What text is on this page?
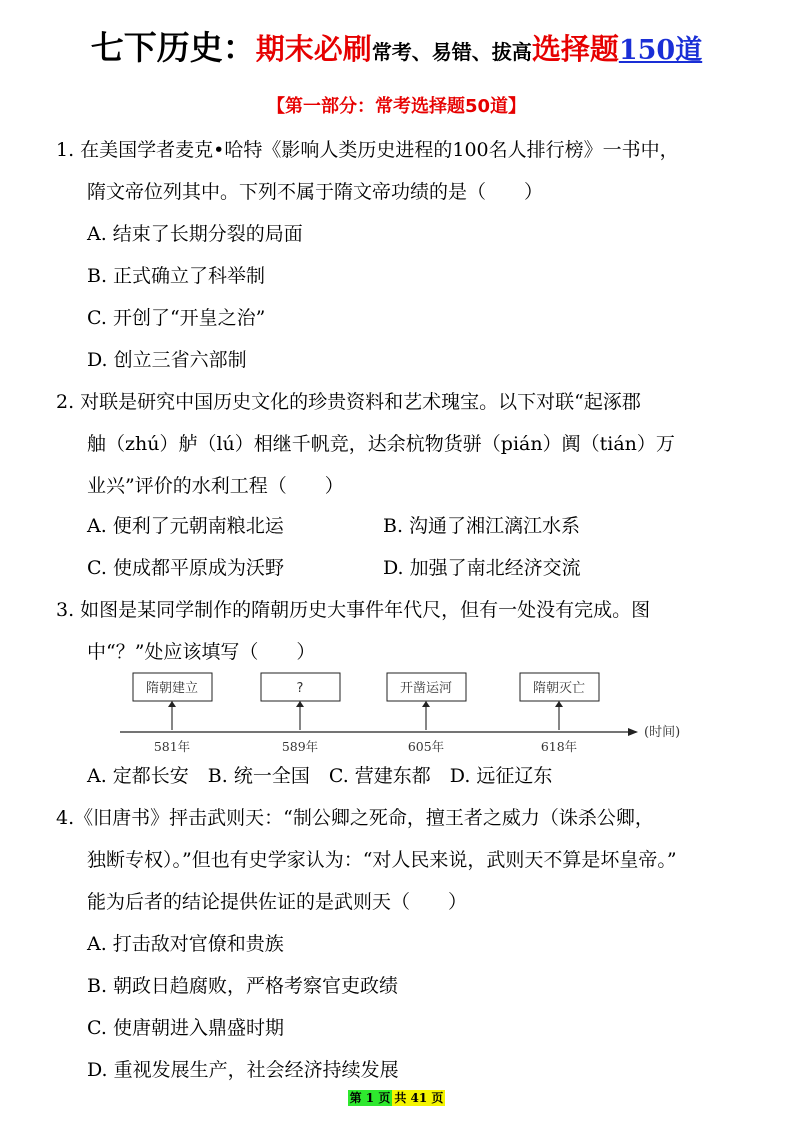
七下历史：期末必刷常考、易错、拔高选择题150道
【第一部分：常考选择题50道】
1. 在美国学者麦克•哈特《影响人类历史进程的100名人排行榜》一书中，
隋文帝位列其中。下列不属于隋文帝功绩的是（　　）
A. 结束了长期分裂的局面
B. 正式确立了科举制
C. 开创了“开皇之治”
D. 创立三省六部制
2. 对联是研究中国历史文化的珍贵资料和艺术瑰宝。以下对联“起涿郡
舳（zhú）舻（lú）相继千帆竞，达余杭物货骈（pián）阗（tián）万
业兴”评价的水利工程（　　）
A. 便利了元朝南粮北运	B. 沟通了湘江漓江水系
C. 使成都平原成为沃野	D. 加强了南北经济交流
3. 如图是某同学制作的隋朝历史大事件年代尺，但有一处没有完成。图
中“？”处应该填写（　　）
(时间)
隋朝建立
581年
?
589年
开凿运河
605年
隋朝灭亡
618年
A. 定都长安　B. 统一全国　C. 营建东都　D. 远征辽东
4.《旧唐书》抨击武则天：“制公卿之死命，擅王者之威力（诛杀公卿，
独断专权）。”但也有史学家认为：“对人民来说，武则天不算是坏皇帝。”
能为后者的结论提供佐证的是武则天（　　）
A. 打击敌对官僚和贵族
B. 朝政日趋腐败，严格考察官吏政绩
C. 使唐朝进入鼎盛时期
D. 重视发展生产，社会经济持续发展
第 1 页 共 41 页
